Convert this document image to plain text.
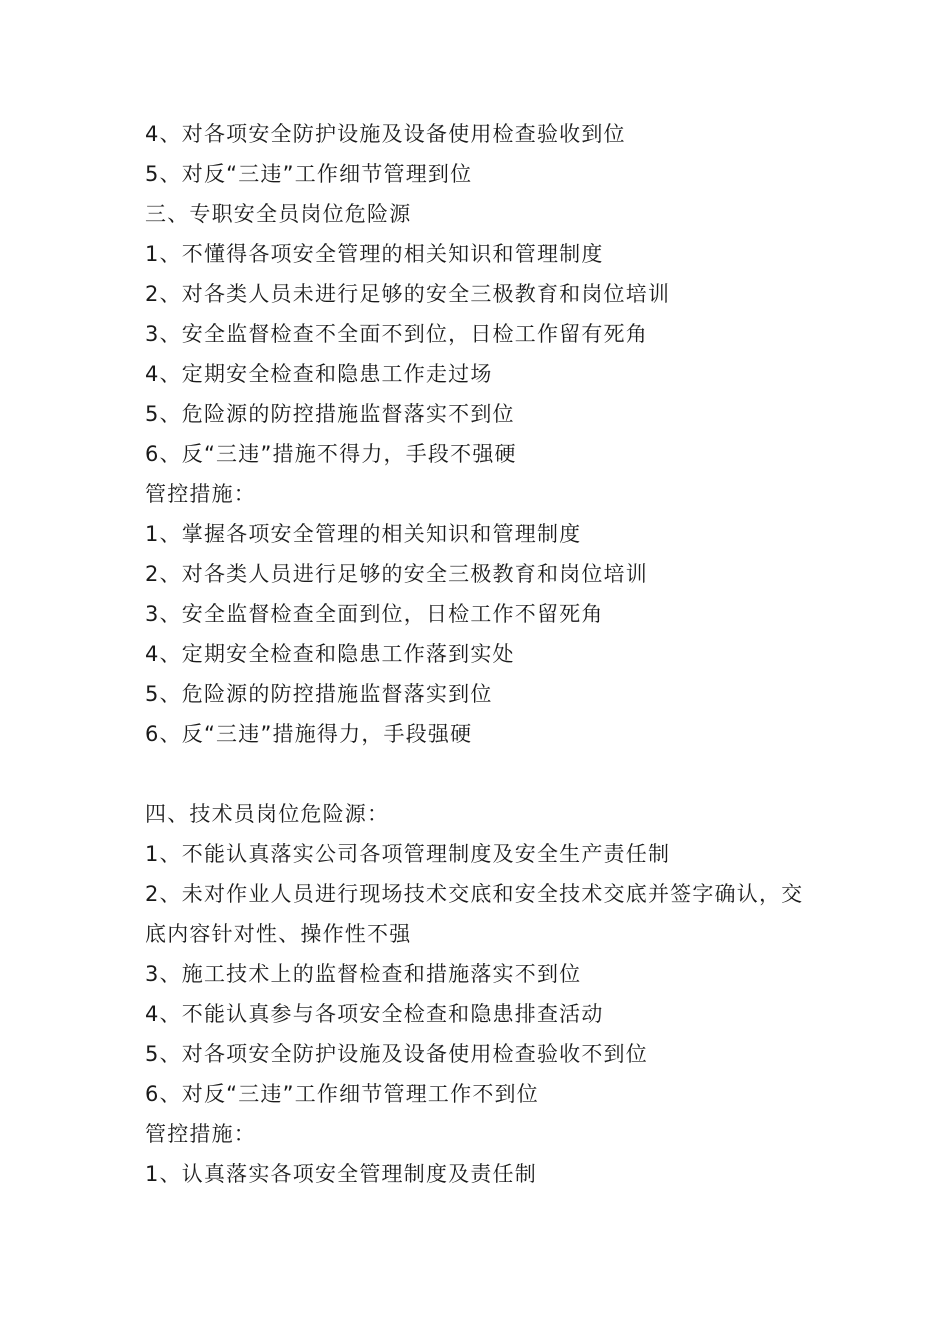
4、对各项安全防护设施及设备使用检查验收到位
5、对反“三违”工作细节管理到位
三、专职安全员岗位危险源
1、不懂得各项安全管理的相关知识和管理制度
2、对各类人员未进行足够的安全三极教育和岗位培训
3、安全监督检查不全面不到位，日检工作留有死角
4、定期安全检查和隐患工作走过场
5、危险源的防控措施监督落实不到位
6、反“三违”措施不得力，手段不强硬
管控措施：
1、掌握各项安全管理的相关知识和管理制度
2、对各类人员进行足够的安全三极教育和岗位培训
3、安全监督检查全面到位，日检工作不留死角
4、定期安全检查和隐患工作落到实处
5、危险源的防控措施监督落实到位
6、反“三违”措施得力，手段强硬
四、技术员岗位危险源：
1、不能认真落实公司各项管理制度及安全生产责任制
2、未对作业人员进行现场技术交底和安全技术交底并签字确认，交底内容针对性、操作性不强
3、施工技术上的监督检查和措施落实不到位
4、不能认真参与各项安全检查和隐患排查活动
5、对各项安全防护设施及设备使用检查验收不到位
6、对反“三违”工作细节管理工作不到位
管控措施：
1、认真落实各项安全管理制度及责任制
